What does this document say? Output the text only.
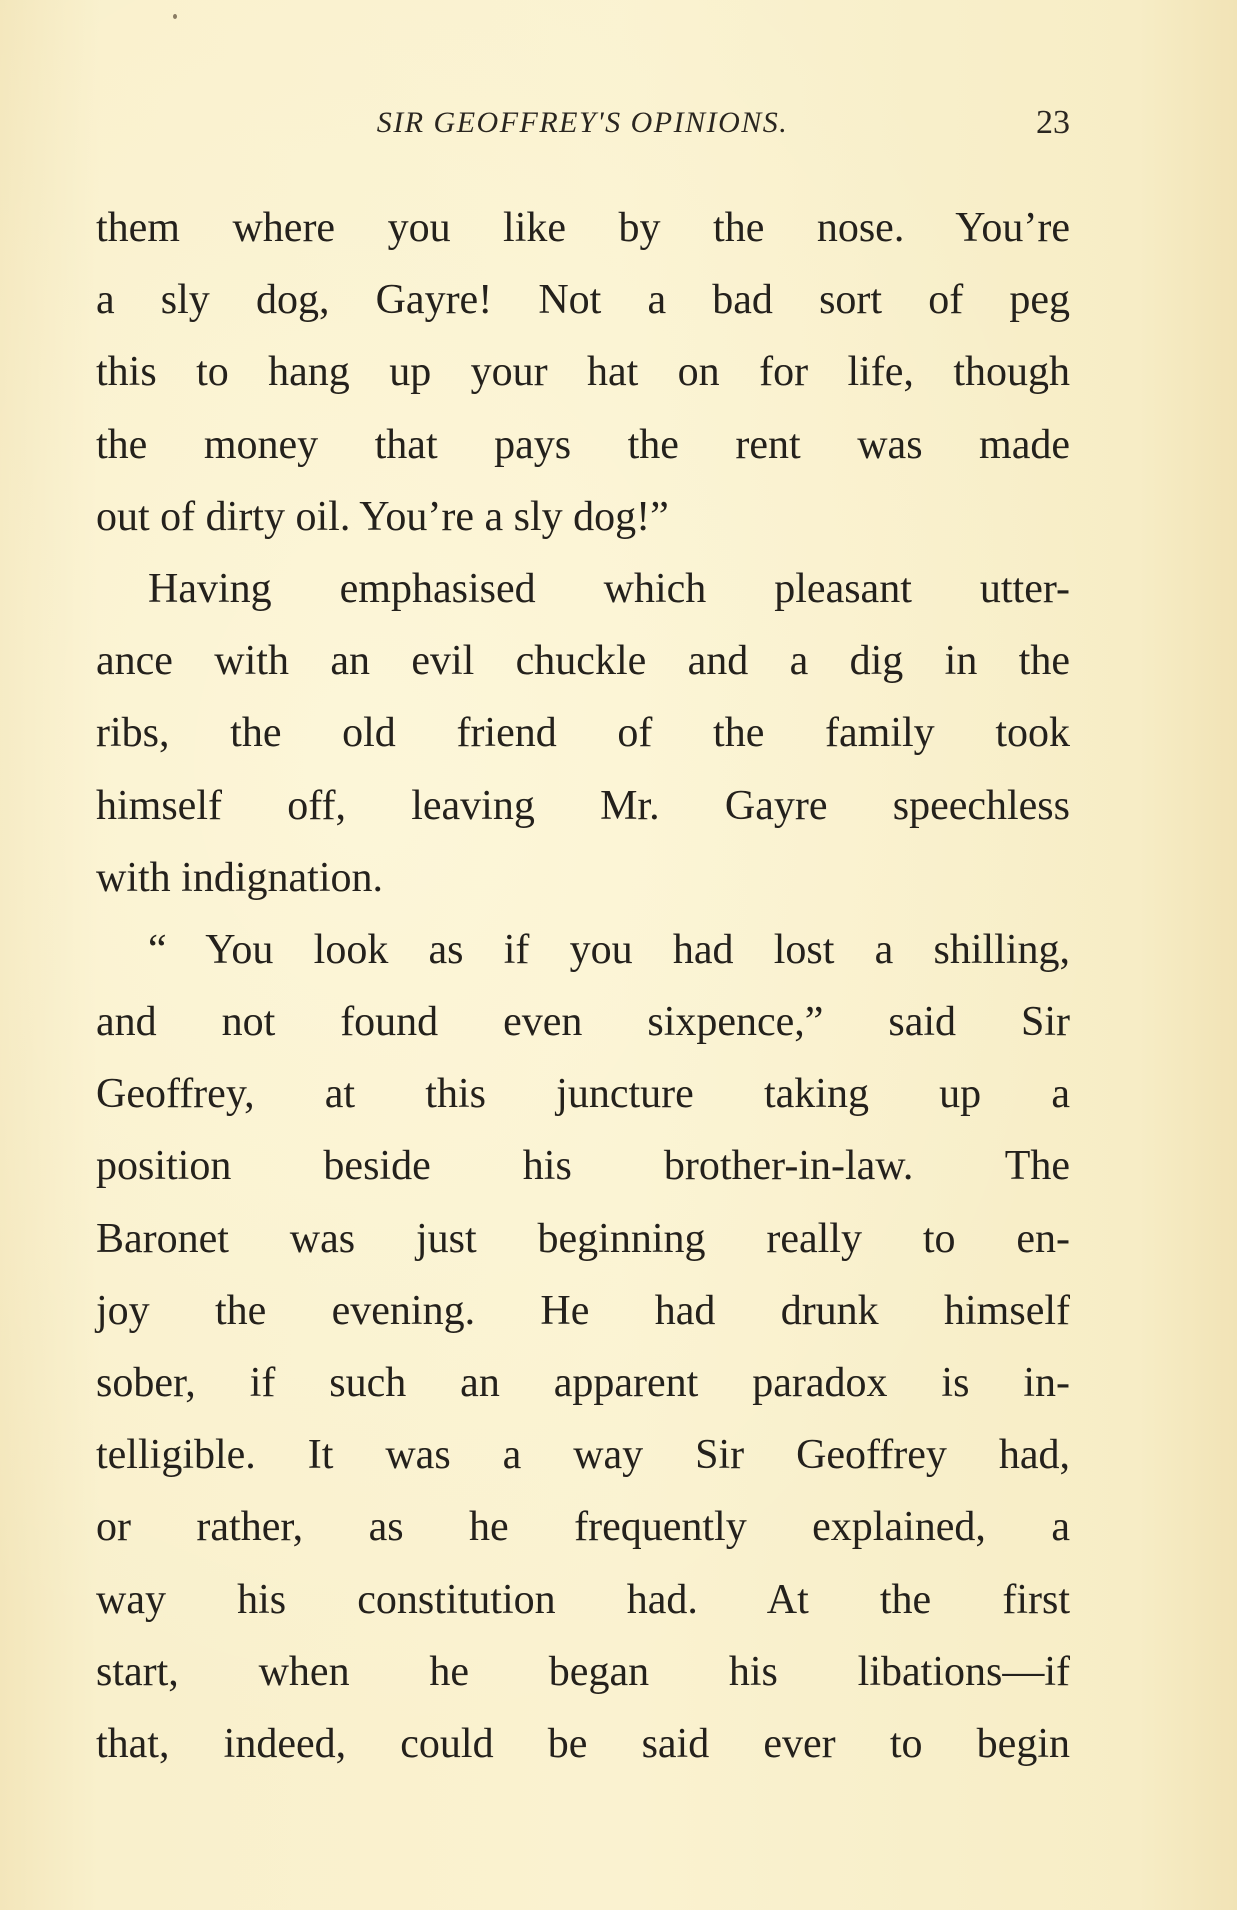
SIR GEOFFREY'S OPINIONS.	23
them where you like by the nose. You’re
a sly dog, Gayre! Not a bad sort of peg
this to hang up your hat on for life, though
the money that pays the rent was made
out of dirty oil. You’re a sly dog!”
Having emphasised which pleasant utter-
ance with an evil chuckle and a dig in the
ribs, the old friend of the family took
himself off, leaving Mr. Gayre speechless
with indignation.
“ You look as if you had lost a shilling,
and not found even sixpence,” said Sir
Geoffrey, at this juncture taking up a
position beside his brother-in-law. The
Baronet was just beginning really to en-
joy the evening. He had drunk himself
sober, if such an apparent paradox is in-
telligible. It was a way Sir Geoffrey had,
or rather, as he frequently explained, a
way his constitution had. At the first
start, when he began his libations—if
that, indeed, could be said ever to begin
